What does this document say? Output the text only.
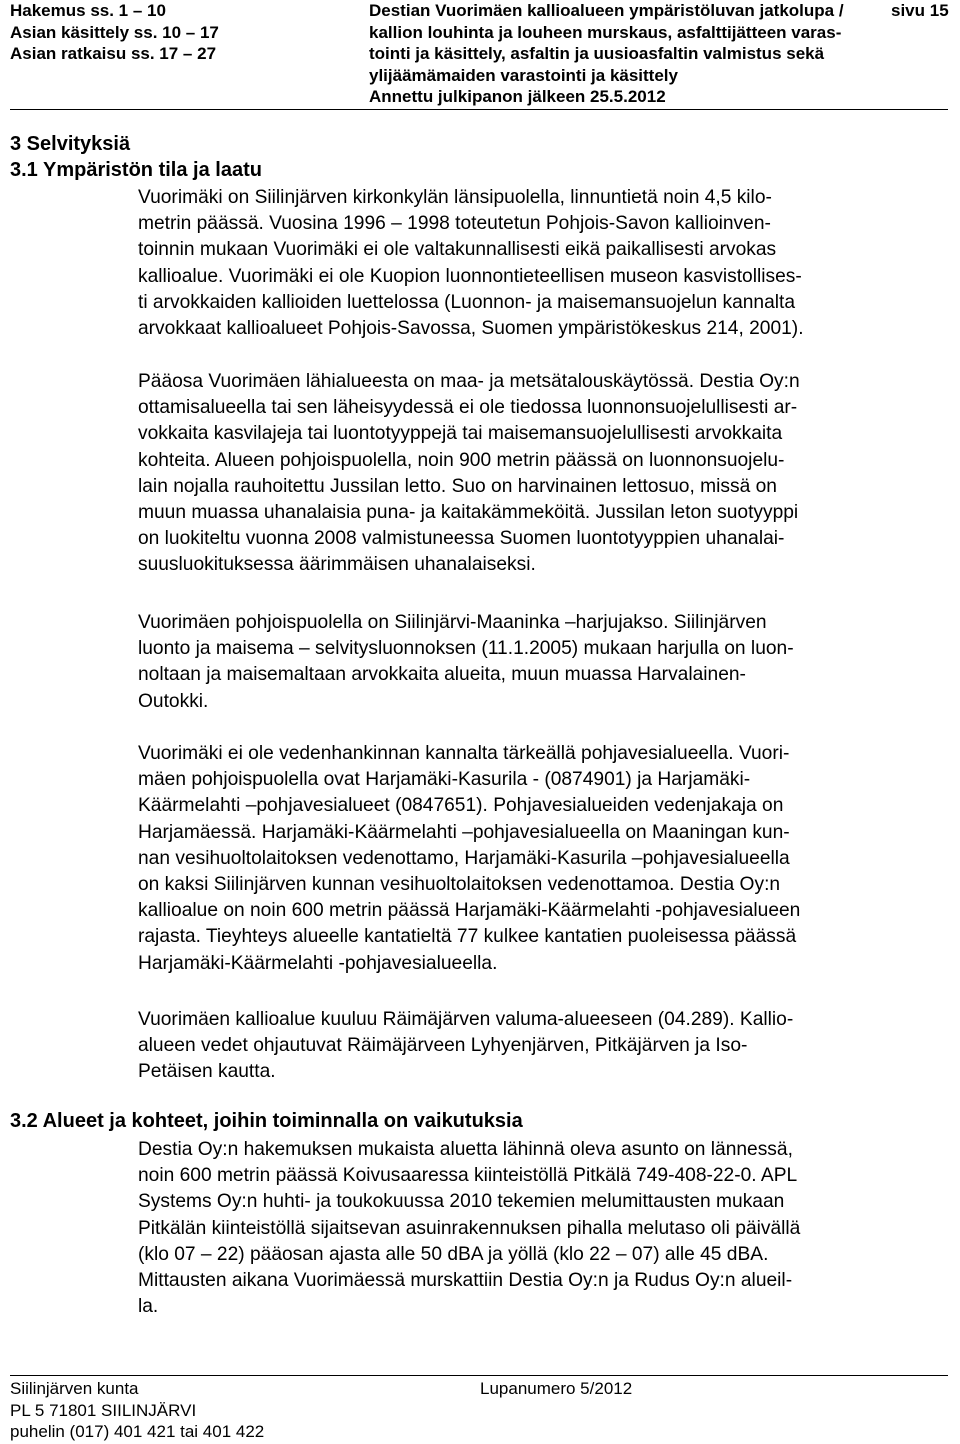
Hakemus ss. 1 – 10
Asian käsittely ss. 10 – 17
Asian ratkaisu ss. 17 – 27
Destian Vuorimäen kallioalueen ympäristöluvan jatkolupa /
kallion louhinta ja louheen murskaus, asfalttijätteen varas-
tointi ja käsittely, asfaltin ja uusioasfaltin valmistus sekä
ylijäämämaiden varastointi ja käsittely
Annettu julkipanon jälkeen 25.5.2012
sivu 15
3 Selvityksiä
3.1 Ympäristön tila ja laatu
Vuorimäki on Siilinjärven kirkonkylän länsipuolella, linnuntietä noin 4,5 kilo-
metrin päässä. Vuosina 1996 – 1998 toteutetun Pohjois-Savon kallioinven-
toinnin mukaan Vuorimäki ei ole valtakunnallisesti eikä paikallisesti arvokas
kallioalue. Vuorimäki ei ole Kuopion luonnontieteellisen museon kasvistollises-
ti arvokkaiden kallioiden luettelossa (Luonnon- ja maisemansuojelun kannalta
arvokkaat kallioalueet Pohjois-Savossa, Suomen ympäristökeskus 214, 2001).
Pääosa Vuorimäen lähialueesta on maa- ja metsätalouskäytössä. Destia Oy:n
ottamisalueella tai sen läheisyydessä ei ole tiedossa luonnonsuojelullisesti ar-
vokkaita kasvilajeja tai luontotyyppejä tai maisemansuojelullisesti arvokkaita
kohteita. Alueen pohjoispuolella, noin 900 metrin päässä on luonnonsuojelu-
lain nojalla rauhoitettu Jussilan letto. Suo on harvinainen lettosuo, missä on
muun muassa uhanalaisia puna- ja kaitakämmeköitä. Jussilan leton suotyyppi
on luokiteltu vuonna 2008 valmistuneessa Suomen luontotyyppien uhanalai-
suusluokituksessa äärimmäisen uhanalaiseksi.
Vuorimäen pohjoispuolella on Siilinjärvi-Maaninka –harjujakso. Siilinjärven
luonto ja maisema – selvitysluonnoksen (11.1.2005) mukaan harjulla on luon-
noltaan ja maisemaltaan arvokkaita alueita, muun muassa Harvalainen-
Outokki.
Vuorimäki ei ole vedenhankinnan kannalta tärkeällä pohjavesialueella. Vuori-
mäen pohjoispuolella ovat Harjamäki-Kasurila - (0874901) ja Harjamäki-
Käärmelahti –pohjavesialueet (0847651). Pohjavesialueiden vedenjakaja on
Harjamäessä. Harjamäki-Käärmelahti –pohjavesialueella on Maaningan kun-
nan vesihuoltolaitoksen vedenottamo, Harjamäki-Kasurila –pohjavesialueella
on kaksi Siilinjärven kunnan vesihuoltolaitoksen vedenottamoa. Destia Oy:n
kallioalue on noin 600 metrin päässä Harjamäki-Käärmelahti -pohjavesialueen
rajasta. Tieyhteys alueelle kantatieltä 77 kulkee kantatien puoleisessa päässä
Harjamäki-Käärmelahti -pohjavesialueella.
Vuorimäen kallioalue kuuluu Räimäjärven valuma-alueeseen (04.289). Kallio-
alueen vedet ohjautuvat Räimäjärveen Lyhyenjärven, Pitkäjärven ja Iso-
Petäisen kautta.
3.2 Alueet ja kohteet, joihin toiminnalla on vaikutuksia
Destia Oy:n hakemuksen mukaista aluetta lähinnä oleva asunto on lännessä,
noin 600 metrin päässä Koivusaaressa kiinteistöllä Pitkälä 749-408-22-0. APL
Systems Oy:n huhti- ja toukokuussa 2010 tekemien melumittausten mukaan
Pitkälän kiinteistöllä sijaitsevan asuinrakennuksen pihalla melutaso oli päivällä
(klo 07 – 22) pääosan ajasta alle 50 dBA ja yöllä (klo 22 – 07) alle 45 dBA.
Mittausten aikana Vuorimäessä murskattiin Destia Oy:n ja Rudus Oy:n alueil-
la.
Siilinjärven kunta
PL 5 71801 SIILINJÄRVI
puhelin (017) 401 421 tai 401 422
Lupanumero 5/2012
